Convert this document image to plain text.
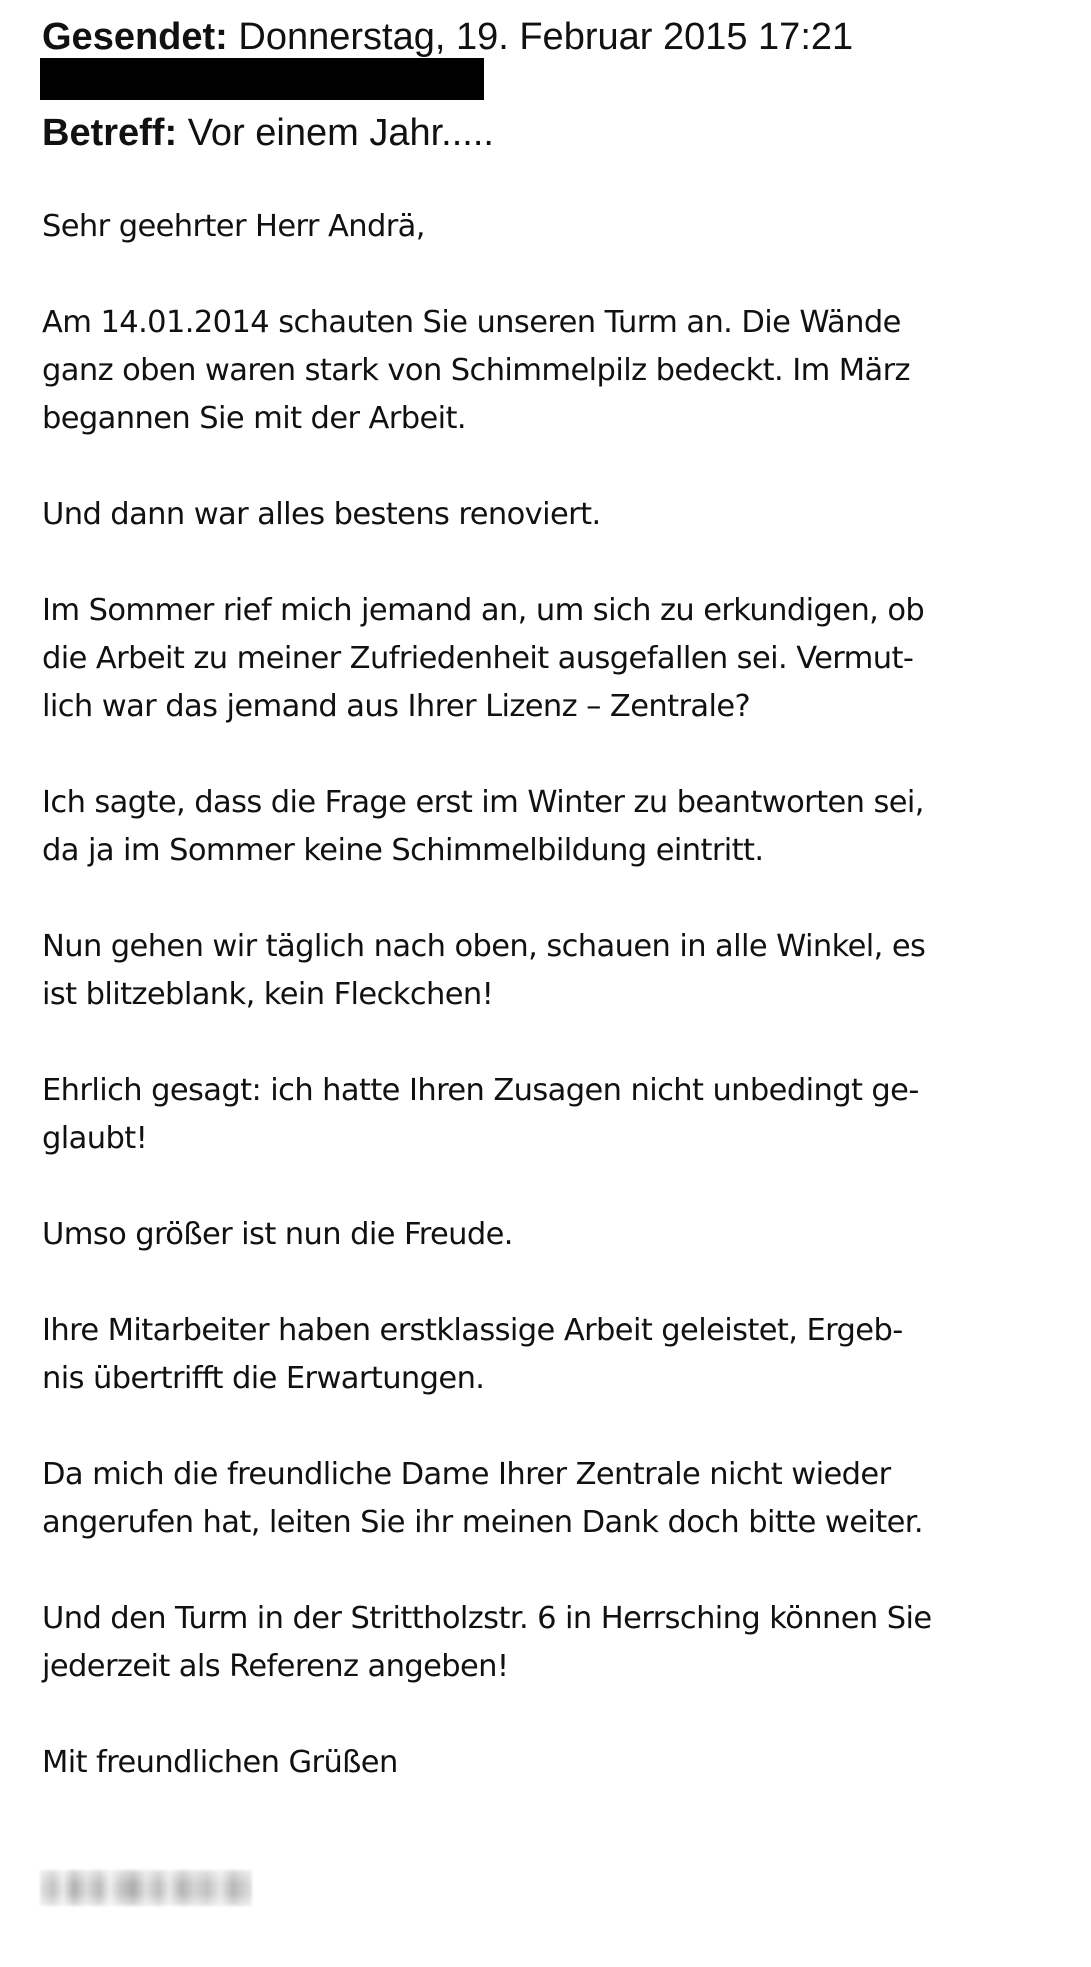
Gesendet: Donnerstag, 19. Februar 2015 17:21
Betreff: Vor einem Jahr.....

Sehr geehrter Herr Andrä,

Am 14.01.2014 schauten Sie unseren Turm an. Die Wände
ganz oben waren stark von Schimmelpilz bedeckt. Im März
begannen Sie mit der Arbeit.

Und dann war alles bestens renoviert.

Im Sommer rief mich jemand an, um sich zu erkundigen, ob
die Arbeit zu meiner Zufriedenheit ausgefallen sei. Vermut-
lich war das jemand aus Ihrer Lizenz – Zentrale?

Ich sagte, dass die Frage erst im Winter zu beantworten sei,
da ja im Sommer keine Schimmelbildung eintritt.

Nun gehen wir täglich nach oben, schauen in alle Winkel, es
ist blitzeblank, kein Fleckchen!

Ehrlich gesagt: ich hatte Ihren Zusagen nicht unbedingt ge-
glaubt!

Umso größer ist nun die Freude.

Ihre Mitarbeiter haben erstklassige Arbeit geleistet, Ergeb-
nis übertrifft die Erwartungen.

Da mich die freundliche Dame Ihrer Zentrale nicht wieder
angerufen hat, leiten Sie ihr meinen Dank doch bitte weiter.

Und den Turm in der Strittholzstr. 6 in Herrsching können Sie
jederzeit als Referenz angeben!

Mit freundlichen Grüßen
